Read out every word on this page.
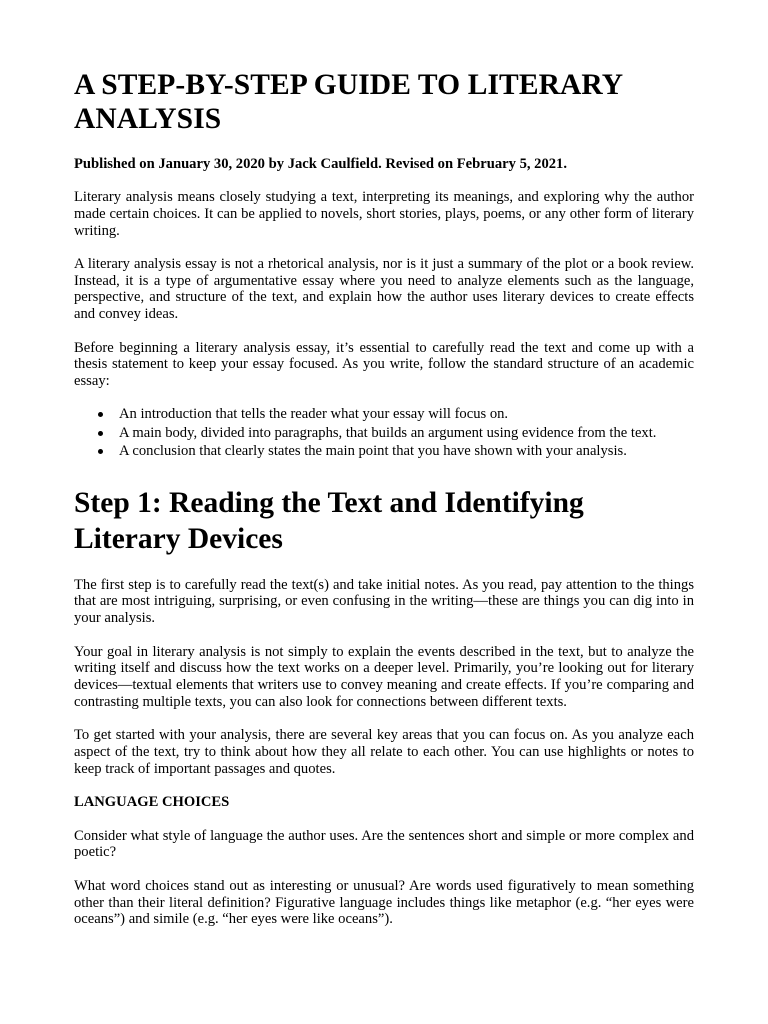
A STEP-BY-STEP GUIDE TO LITERARY ANALYSIS
Published on January 30, 2020 by Jack Caulfield. Revised on February 5, 2021.

Literary analysis means closely studying a text, interpreting its meanings, and exploring why the author made certain choices. It can be applied to novels, short stories, plays, poems, or any other form of literary writing.

A literary analysis essay is not a rhetorical analysis, nor is it just a summary of the plot or a book review. Instead, it is a type of argumentative essay where you need to analyze elements such as the language, perspective, and structure of the text, and explain how the author uses literary devices to create effects and convey ideas.

Before beginning a literary analysis essay, it’s essential to carefully read the text and come up with a thesis statement to keep your essay focused. As you write, follow the standard structure of an academic essay:

An introduction that tells the reader what your essay will focus on.
A main body, divided into paragraphs, that builds an argument using evidence from the text.
A conclusion that clearly states the main point that you have shown with your analysis.
Step 1: Reading the Text and Identifying Literary Devices

The first step is to carefully read the text(s) and take initial notes. As you read, pay attention to the things that are most intriguing, surprising, or even confusing in the writing—these are things you can dig into in your analysis.

Your goal in literary analysis is not simply to explain the events described in the text, but to analyze the writing itself and discuss how the text works on a deeper level. Primarily, you’re looking out for literary devices—textual elements that writers use to convey meaning and create effects. If you’re comparing and contrasting multiple texts, you can also look for connections between different texts.

To get started with your analysis, there are several key areas that you can focus on. As you analyze each aspect of the text, try to think about how they all relate to each other. You can use highlights or notes to keep track of important passages and quotes.

LANGUAGE CHOICES

Consider what style of language the author uses. Are the sentences short and simple or more complex and poetic?

What word choices stand out as interesting or unusual? Are words used figuratively to mean something other than their literal definition? Figurative language includes things like metaphor (e.g. “her eyes were oceans”) and simile (e.g. “her eyes were like oceans”).
